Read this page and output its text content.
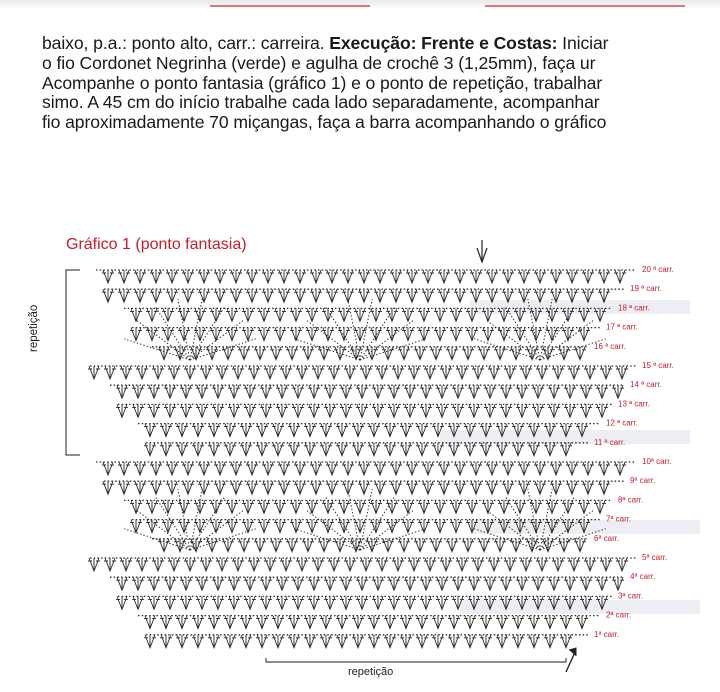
baixo, p.a.: ponto alto, carr.: carreira. Execução: Frente e Costas: Iniciar
o fio Cordonet Negrinha (verde) e agulha de crochê 3 (1,25mm), faça ur
Acompanhe o ponto fantasia (gráfico 1) e o ponto de repetição, trabalhar
simo. A 45 cm do início trabalhe cada lado separadamente, acompanhar
fio aproximadamente 70 miçangas, faça a barra acompanhando o gráfico
Gráfico 1 (ponto fantasia)
repetição
repetição
20 ª carr.
19 ª carr.
18 ª carr.
17 ª carr.
16 ª carr.
15 ª carr.
14 ª carr.
13 ª carr.
12 ª carr.
11 ª carr.
10ª carr.
9ª carr.
8ª carr.
7ª carr.
6ª carr.
5ª carr.
4ª carr.
3ª carr.
2ª carr.
1ª carr.
